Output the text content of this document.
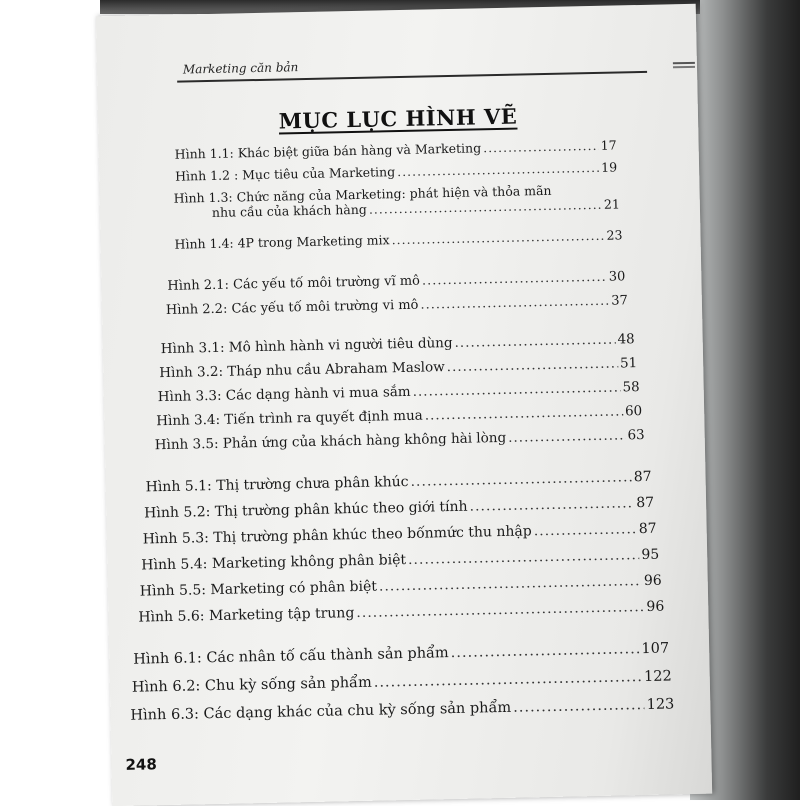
Marketing căn bản
MỤC LỤC HÌNH VẼ
Hình 1.1: Khác biệt giữa bán hàng và Marketing .....	17
Hình 1.2 : Mục tiêu của Marketing .....	19
Hình 1.3: Chức năng của Marketing: phát hiện và thỏa mãn
nhu cầu của khách hàng .....	21
Hình 1.4: 4P trong Marketing mix .....	23
Hình 2.1: Các yếu tố môi trường vĩ mô .....	30
Hình 2.2: Các yếu tố môi trường vi mô .....	37
Hình 3.1: Mô hình hành vi người tiêu dùng .....	48
Hình 3.2: Tháp nhu cầu Abraham Maslow .....	51
Hình 3.3: Các dạng hành vi mua sắm .....	58
Hình 3.4: Tiến trình ra quyết định mua .....	60
Hình 3.5: Phản ứng của khách hàng không hài lòng .....	63
Hình 5.1: Thị trường chưa phân khúc .....	87
Hình 5.2: Thị trường phân khúc theo giới tính .....	87
Hình 5.3: Thị trường phân khúc theo bốnmức thu nhập .....	87
Hình 5.4: Marketing không phân biệt .....	95
Hình 5.5: Marketing có phân biệt .....	96
Hình 5.6: Marketing tập trung .....	96
Hình 6.1: Các nhân tố cấu thành sản phẩm .....	107
Hình 6.2: Chu kỳ sống sản phẩm .....	122
Hình 6.3: Các dạng khác của chu kỳ sống sản phẩm .....	123
248
